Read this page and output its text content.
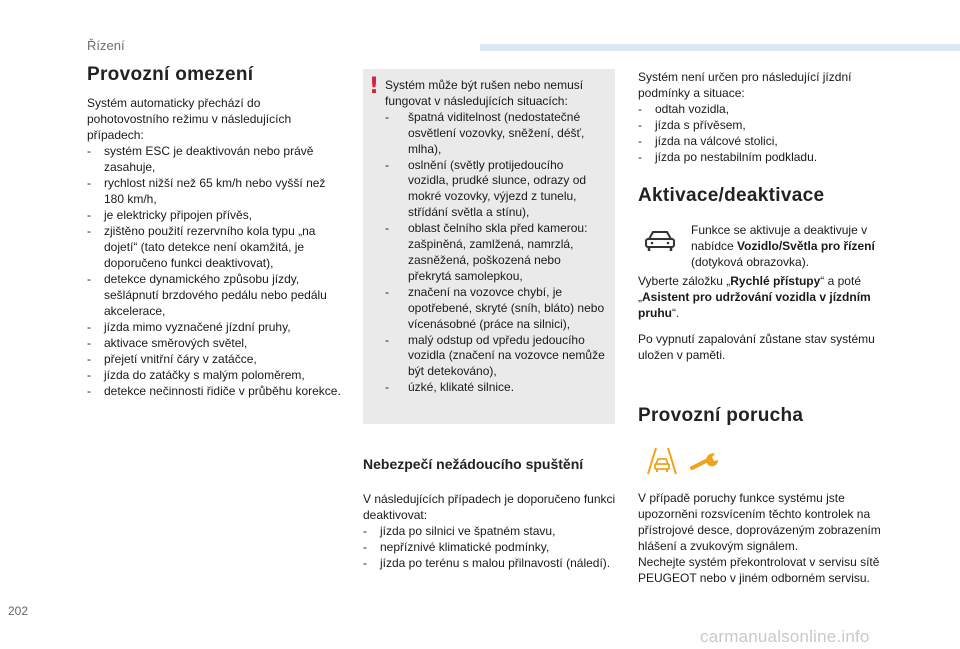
Řízení
Provozní omezení

Systém automaticky přechází do pohotovostního režimu v následujících případech:

- systém ESC je deaktivován nebo právě zasahuje,
- rychlost nižší než 65 km/h nebo vyšší než 180 km/h,
- je elektricky připojen přívěs,
- zjištěno použití rezervního kola typu „na dojetí“ (tato detekce není okamžitá, je doporučeno funkci deaktivovat),
- detekce dynamického způsobu jízdy, sešlápnutí brzdového pedálu nebo pedálu akcelerace,
- jízda mimo vyznačené jízdní pruhy,
- aktivace směrových světel,
- přejetí vnitřní čáry v zatáčce,
- jízda do zatáčky s malým poloměrem,
- detekce nečinnosti řidiče v průběhu korekce.
! Systém může být rušen nebo nemusí fungovat v následujících situacích:

- špatná viditelnost (nedostatečné osvětlení vozovky, sněžení, déšť, mlha),
- oslnění (světly protijedoucího vozidla, prudké slunce, odrazy od mokré vozovky, výjezd z tunelu, střídání světla a stínu),
- oblast čelního skla před kamerou: zašpiněná, zamlžená, namrzlá, zasněžená, poškozená nebo překrytá samolepkou,
- značení na vozovce chybí, je opotřebené, skryté (sníh, bláto) nebo vícenásobné (práce na silnici),
- malý odstup od vpředu jedoucího vozidla (značení na vozovce nemůže být detekováno),
- úzké, klikaté silnice.
Nebezpečí nežádoucího spuštění

V následujících případech je doporučeno funkci deaktivovat:

- jízda po silnici ve špatném stavu,
- nepříznivé klimatické podmínky,
- jízda po terénu s malou přilnavostí (náledí).

Systém není určen pro následující jízdní podmínky a situace:

- odtah vozidla,
- jízda s přívěsem,
- jízda na válcové stolici,
- jízda po nestabilním podkladu.
Aktivace/deaktivace

Funkce se aktivuje a deaktivuje v nabídce Vozidlo/Světla pro řízení (dotyková obrazovka).

Vyberte záložku „Rychlé přístupy“ a poté „Asistent pro udržování vozidla v jízdním pruhu“.

Po vypnutí zapalování zůstane stav systému uložen v paměti.

Provozní porucha

V případě poruchy funkce systému jste upozorněni rozsvícením těchto kontrolek na přístrojové desce, doprovázeným zobrazením hlášení a zvukovým signálem.

Nechejte systém překontrolovat v servisu sítě PEUGEOT nebo v jiném odborném servisu.

202
carmanualsonline.info
